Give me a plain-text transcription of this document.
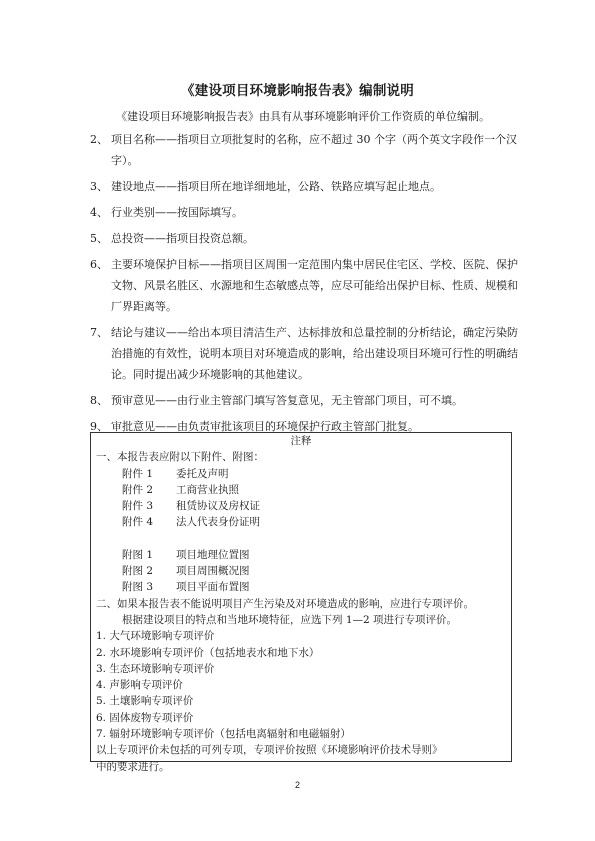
《建设项目环境影响报告表》编制说明
《建设项目环境影响报告表》由具有从事环境影响评价工作资质的单位编制。
2、 项目名称——指项目立项批复时的名称，应不超过 30 个字（两个英文字段作一个汉字）。
3、 建设地点——指项目所在地详细地址，公路、铁路应填写起止地点。
4、 行业类别——按国际填写。
5、 总投资——指项目投资总额。
6、 主要环境保护目标——指项目区周围一定范围内集中居民住宅区、学校、医院、保护文物、风景名胜区、水源地和生态敏感点等，应尽可能给出保护目标、性质、规模和厂界距离等。
7、 结论与建议——给出本项目清洁生产、达标排放和总量控制的分析结论，确定污染防治措施的有效性，说明本项目对环境造成的影响，给出建设项目环境可行性的明确结论。同时提出减少环境影响的其他建议。
8、 预审意见——由行业主管部门填写答复意见，无主管部门项目，可不填。
9、 审批意见——由负责审批该项目的环境保护行政主管部门批复。
注释
一、本报告表应附以下附件、附图：
附件 1	委托及声明
附件 2	工商营业执照
附件 3	租赁协议及房权证
附件 4	法人代表身份证明
附图 1	项目地理位置图
附图 2	项目周围概况图
附图 3	项目平面布置图
二、如果本报告表不能说明项目产生污染及对环境造成的影响，应进行专项评价。
根据建设项目的特点和当地环境特征，应选下列 1—2 项进行专项评价。
1. 大气环境影响专项评价
2. 水环境影响专项评价（包括地表水和地下水）
3. 生态环境影响专项评价
4. 声影响专项评价
5. 土壤影响专项评价
6. 固体废物专项评价
7. 辐射环境影响专项评价（包括电离辐射和电磁辐射）
以上专项评价未包括的可列专项，专项评价按照《环境影响评价技术导则》
中的要求进行。
2
